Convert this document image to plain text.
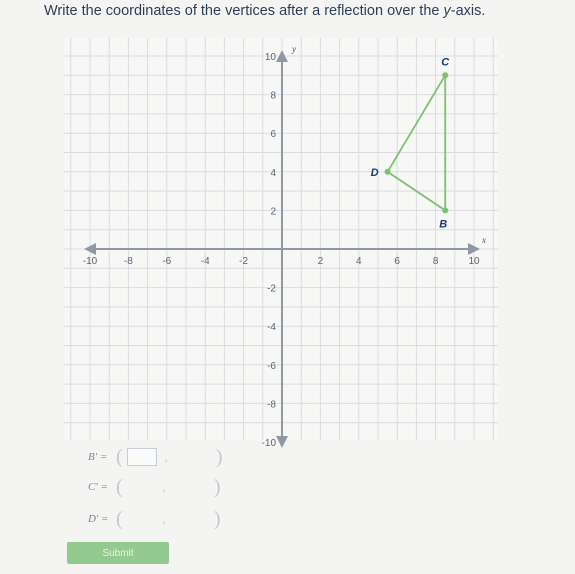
Write the coordinates of the vertices after a reflection over the y-axis.
x
y
-10	-8	-6	-4	-2	2	4	6	8	10
10
8
6
4
2
-2
-4
-6
-8
-10
C
B
D
B' = (	, )
C' = (	, )
D' = (	, )
Submit
